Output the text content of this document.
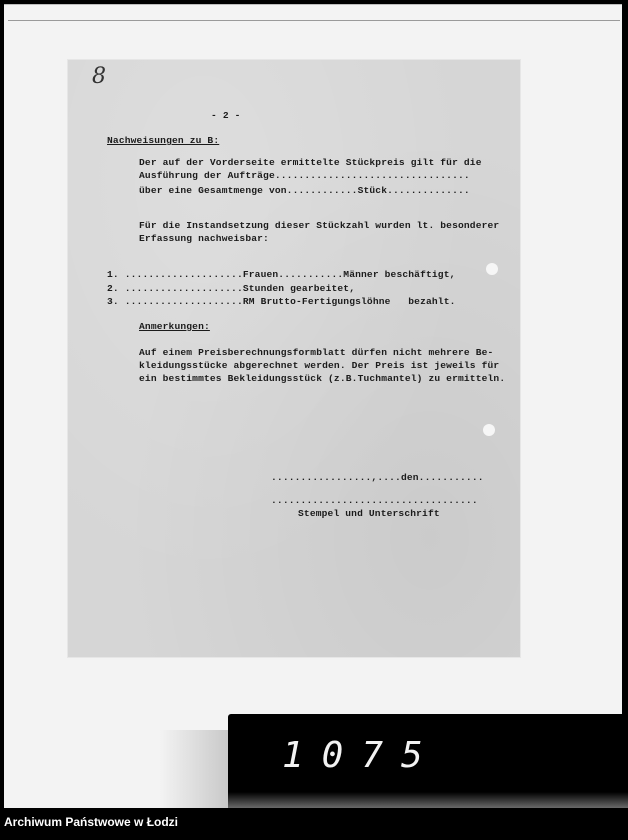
8
- 2 -
Nachweisungen zu B:
Der auf der Vorderseite ermittelte Stückpreis gilt für die
Ausführung der Aufträge.................................
über eine Gesamtmenge von............Stück..............
Für die Instandsetzung dieser Stückzahl wurden lt. besonderer
Erfassung nachweisbar:
1. ....................Frauen...........Männer beschäftigt,
2. ....................Stunden gearbeitet,
3. ....................RM Brutto-Fertigungslöhne   bezahlt.
Anmerkungen:
Auf einem Preisberechnungsformblatt dürfen nicht mehrere Be-
kleidungsstücke abgerechnet werden. Der Preis ist jeweils für
ein bestimmtes Bekleidungsstück (z.B.Tuchmantel) zu ermitteln.
.................,....den...........
...................................
Stempel und Unterschrift
1075
Archiwum Państwowe w Łodzi
